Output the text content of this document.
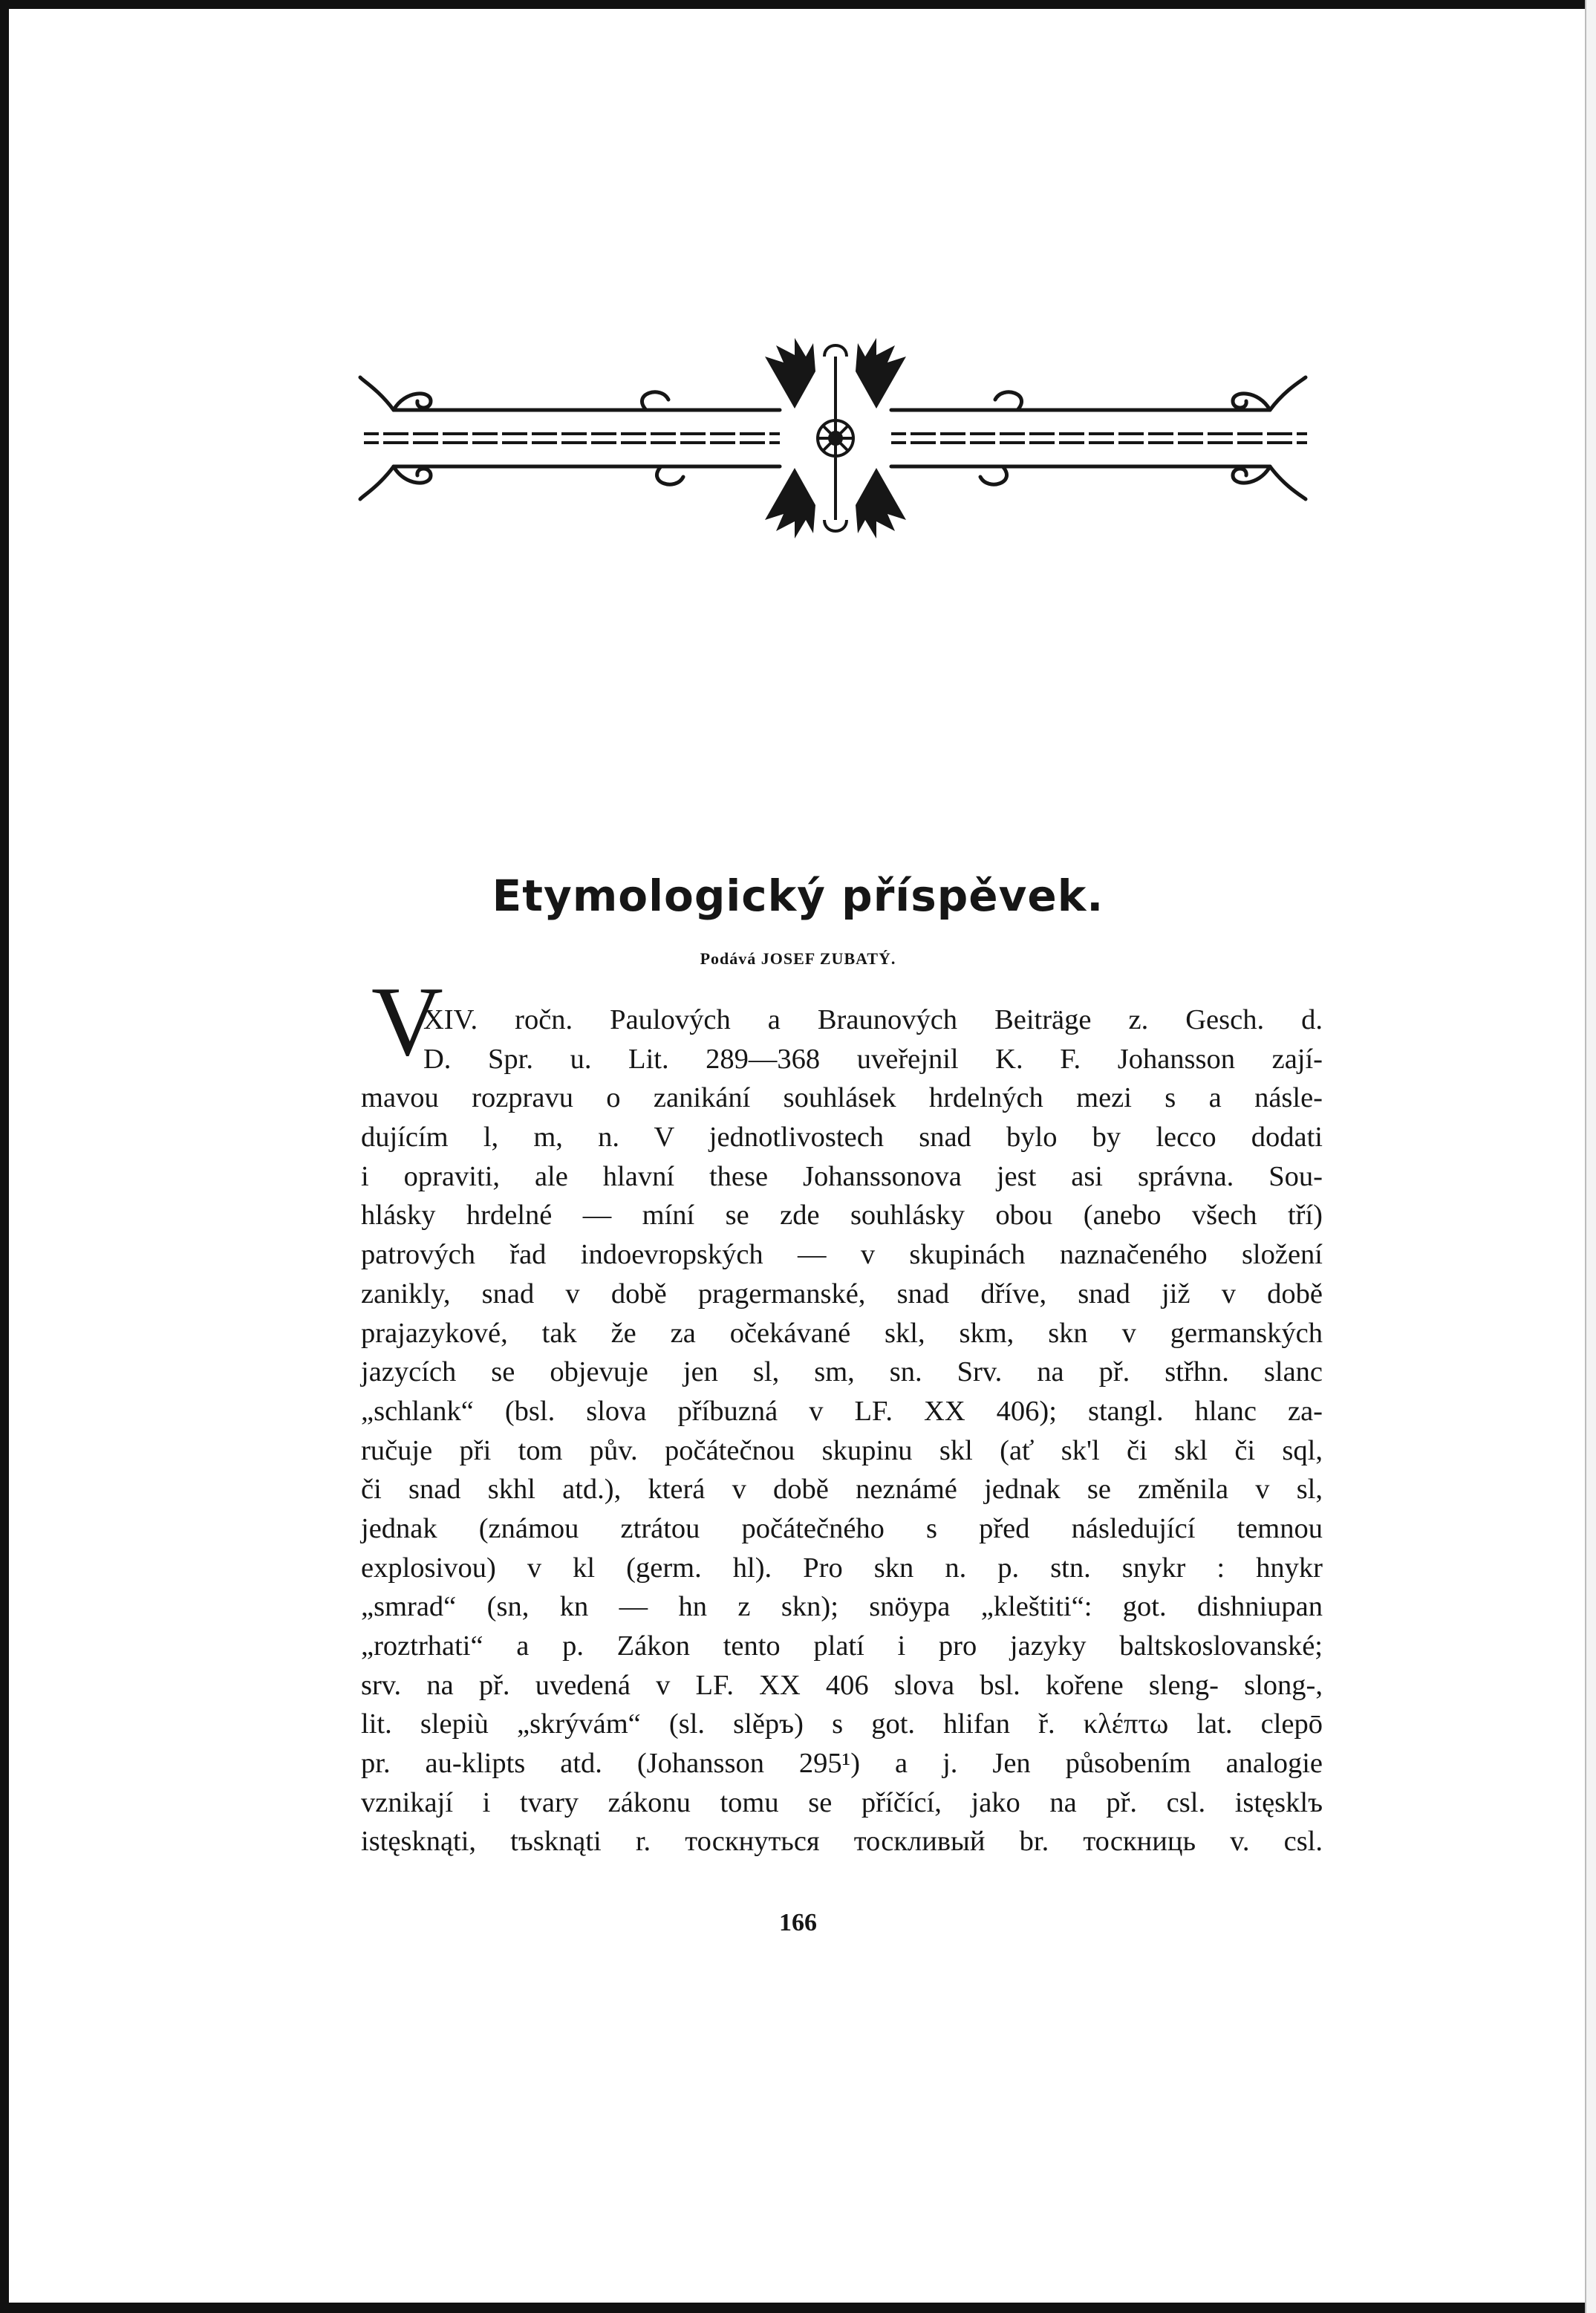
Etymologický příspěvek.
Podává JOSEF ZUBATÝ.
V
XIV. ročn. Paulových a Braunových Beiträge z. Gesch. d.
D. Spr. u. Lit. 289—368 uveřejnil K. F. Johansson zají-
mavou rozpravu o zanikání souhlásek hrdelných mezi s a násle-
dujícím l, m, n. V jednotlivostech snad bylo by lecco dodati
i opraviti, ale hlavní these Johanssonova jest asi správna. Sou-
hlásky hrdelné — míní se zde souhlásky obou (anebo všech tří)
patrových řad indoevropských — v skupinách naznačeného složení
zanikly, snad v době pragermanské, snad dříve, snad již v době
prajazykové, tak že za očekávané skl, skm, skn v germanských
jazycích se objevuje jen sl, sm, sn. Srv. na př. střhn. slanc
„schlank“ (bsl. slova příbuzná v LF. XX 406); stangl. hlanc za-
ručuje při tom pův. počátečnou skupinu skl (ať sk'l či skl či sql,
či snad skhl atd.), která v době neznámé jednak se změnila v sl,
jednak (známou ztrátou počátečného s před následující temnou
explosivou) v kl (germ. hl). Pro skn n. p. stn. snykr : hnykr
„smrad“ (sn, kn — hn z skn); snöypa „kleštiti“: got. dishniupan
„roztrhati“ a p. Zákon tento platí i pro jazyky baltskoslovanské;
srv. na př. uvedená v LF. XX 406 slova bsl. kořene sleng- slong-,
lit. slepiù „skrývám“ (sl. slěpъ) s got. hlifan ř. κλέπτω lat. clepō
pr. au-klipts atd. (Johansson 295¹) a j. Jen působením analogie
vznikají i tvary zákonu tomu se příčící, jako na př. csl. istęsklъ
istęsknąti, tъsknąti r. тоскнуться тоскливый br. тоскниць v. csl.
166
